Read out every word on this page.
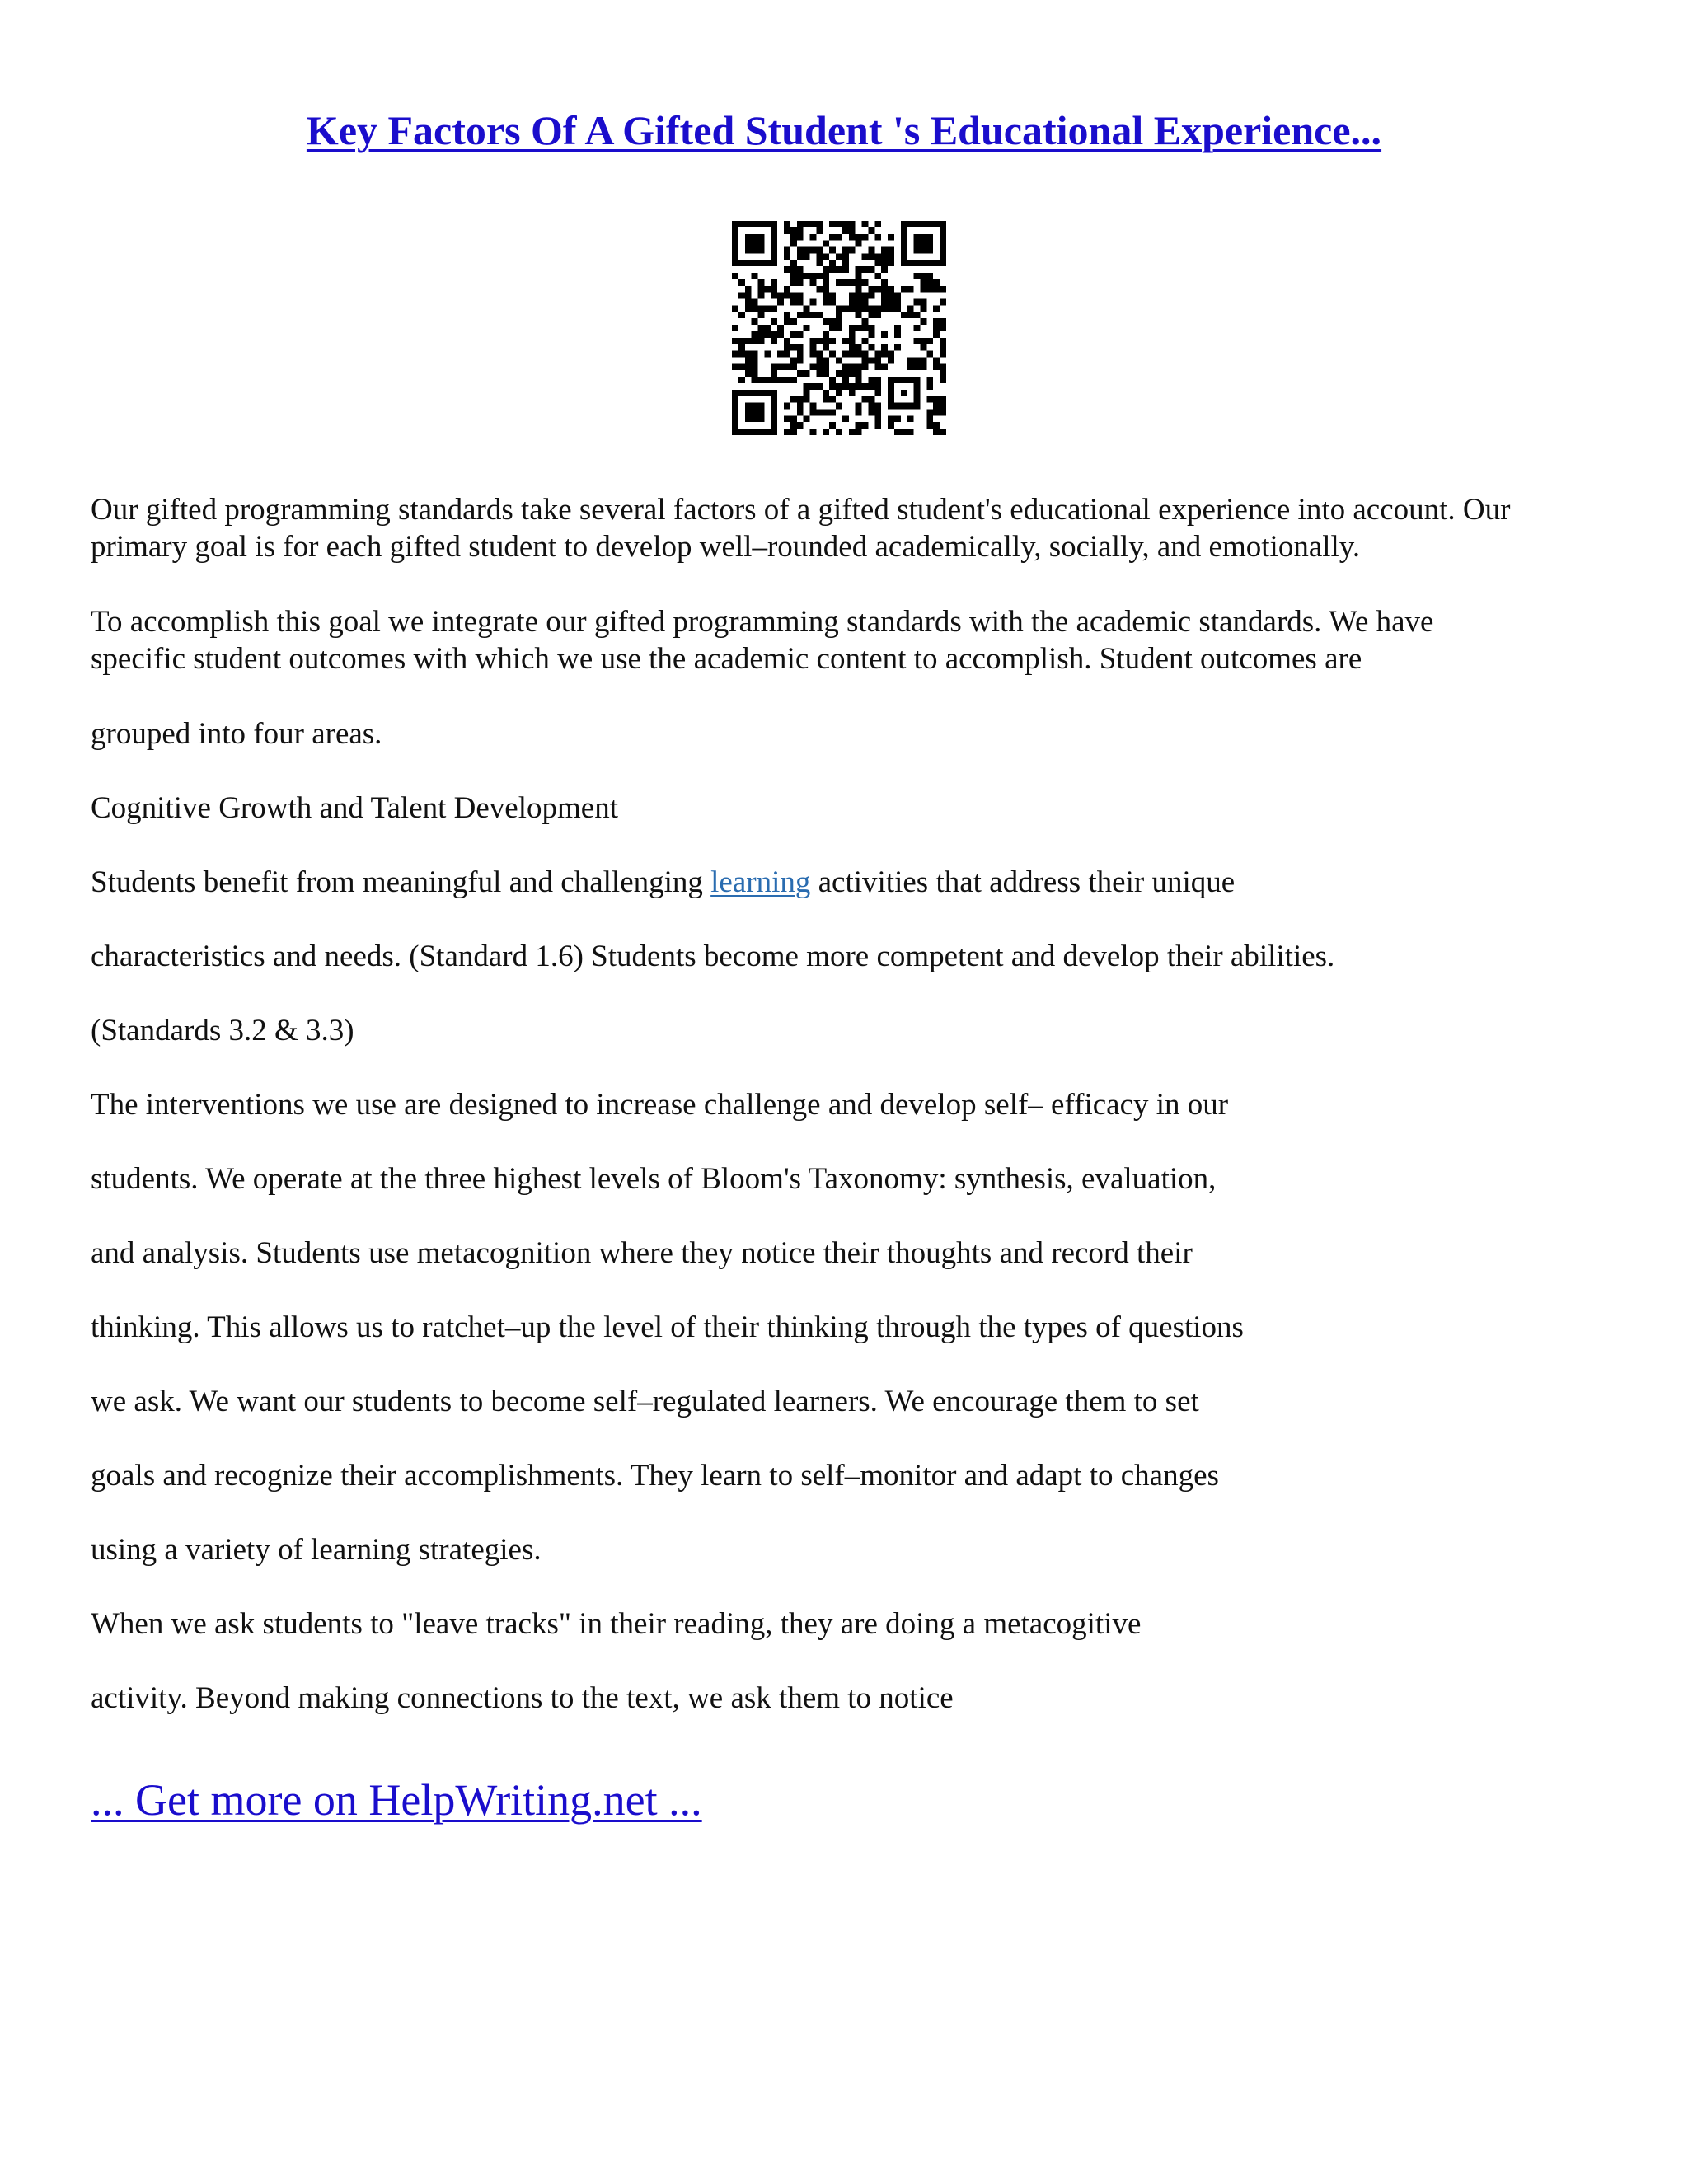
Key Factors Of A Gifted Student 's Educational Experience...

Our gifted programming standards take several factors of a gifted student's educational experience into account. Our
primary goal is for each gifted student to develop well–rounded academically, socially, and emotionally.

To accomplish this goal we integrate our gifted programming standards with the academic standards. We have
specific student outcomes with which we use the academic content to accomplish. Student outcomes are

grouped into four areas.

Cognitive Growth and Talent Development

Students benefit from meaningful and challenging learning activities that address their unique

characteristics and needs. (Standard 1.6) Students become more competent and develop their abilities.

(Standards 3.2 & 3.3)

The interventions we use are designed to increase challenge and develop self– efficacy in our

students. We operate at the three highest levels of Bloom's Taxonomy: synthesis, evaluation,

and analysis. Students use metacognition where they notice their thoughts and record their

thinking. This allows us to ratchet–up the level of their thinking through the types of questions

we ask. We want our students to become self–regulated learners. We encourage them to set

goals and recognize their accomplishments. They learn to self–monitor and adapt to changes

using a variety of learning strategies.

When we ask students to "leave tracks" in their reading, they are doing a metacogitive

activity. Beyond making connections to the text, we ask them to notice

... Get more on HelpWriting.net ...
